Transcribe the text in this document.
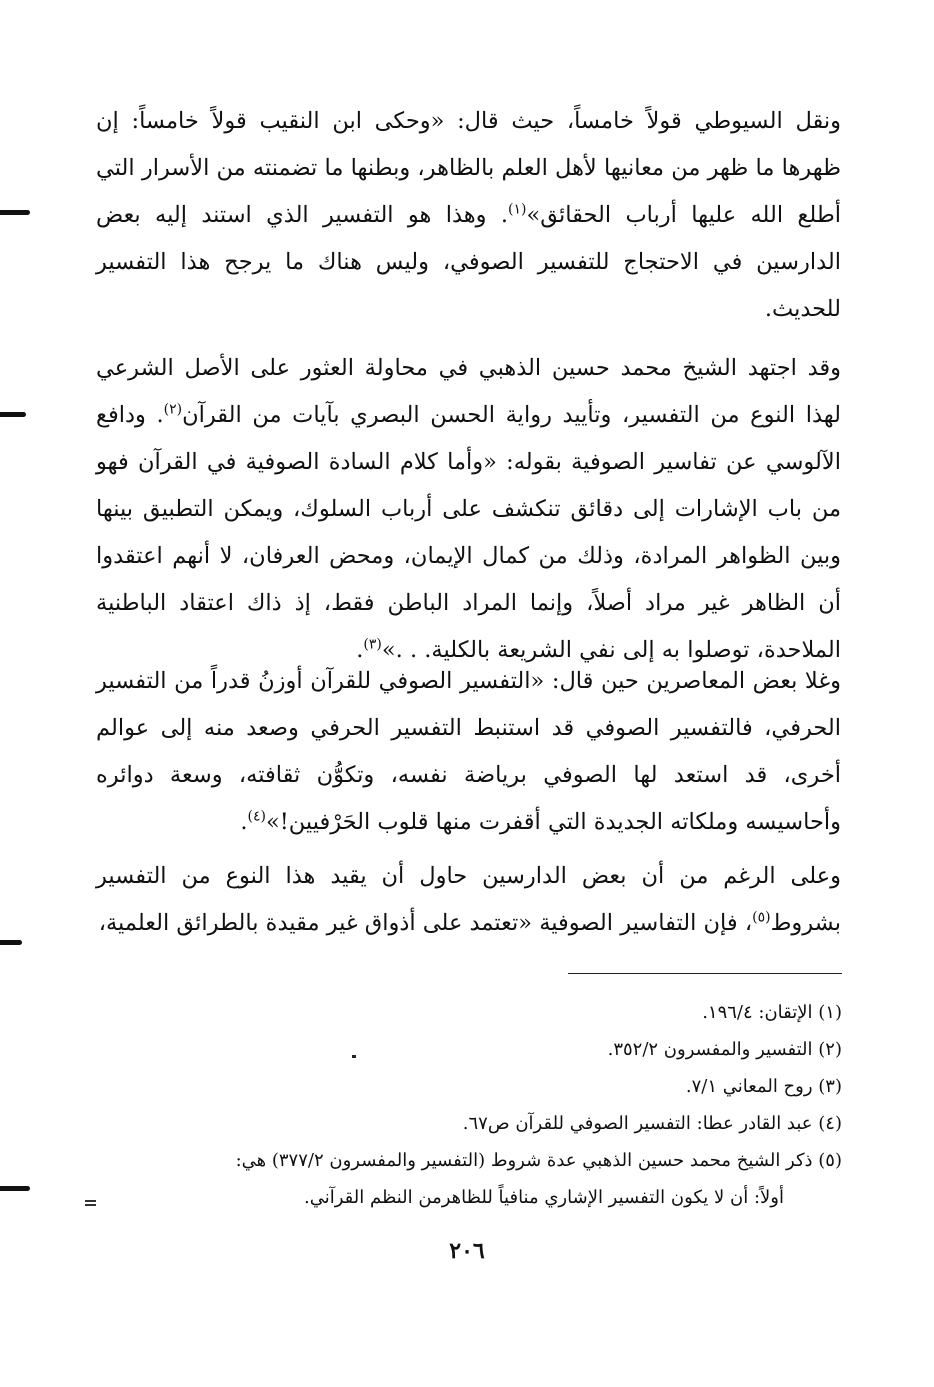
ونقل السيوطي قولاً خامساً، حيث قال: «وحكى ابن النقيب قولاً خامساً: إن ظهرها ما ظهر من معانيها لأهل العلم بالظاهر، وبطنها ما تضمنته من الأسرار التي أطلع الله عليها أرباب الحقائق»$^{(١)}$. وهذا هو التفسير الذي استند إليه بعض الدارسين في الاحتجاج للتفسير الصوفي، وليس هناك ما يرجح هذا التفسير للحديث.

وقد اجتهد الشيخ محمد حسين الذهبي في محاولة العثور على الأصل الشرعي لهذا النوع من التفسير، وتأييد رواية الحسن البصري بآيات من القرآن$^{(٢)}$. ودافع الآلوسي عن تفاسير الصوفية بقوله: «وأما كلام السادة الصوفية في القرآن فهو من باب الإشارات إلى دقائق تنكشف على أرباب السلوك، ويمكن التطبيق بينها وبين الظواهر المرادة، وذلك من كمال الإيمان، ومحض العرفان، لا أنهم اعتقدوا أن الظاهر غير مراد أصلاً، وإنما المراد الباطن فقط، إذ ذاك اعتقاد الباطنية الملاحدة، توصلوا به إلى نفي الشريعة بالكلية. . .»$^{(٣)}$.

وغلا بعض المعاصرين حين قال: «التفسير الصوفي للقرآن أوزنُ قدراً من التفسير الحرفي، فالتفسير الصوفي قد استنبط التفسير الحرفي وصعد منه إلى عوالم أخرى، قد استعد لها الصوفي برياضة نفسه، وتكوُّن ثقافته، وسعة دوائره وأحاسيسه وملكاته الجديدة التي أقفرت منها قلوب الحَرْفيين!»$^{(٤)}$.

وعلى الرغم من أن بعض الدارسين حاول أن يقيد هذا النوع من التفسير بشروط$^{(٥)}$، فإن التفاسير الصوفية «تعتمد على أذواق غير مقيدة بالطرائق العلمية،

(١) الإتقان: ١٩٦/٤.
(٢) التفسير والمفسرون ٣٥٢/٢.
(٣) روح المعاني ٧/١.
(٤) عبد القادر عطا: التفسير الصوفي للقرآن ص٦٧.
(٥) ذكر الشيخ محمد حسين الذهبي عدة شروط (التفسير والمفسرون ٣٧٧/٢) هي:
أولاً: أن لا يكون التفسير الإشاري منافياً للظاهرمن النظم القرآني.
٢٠٦
